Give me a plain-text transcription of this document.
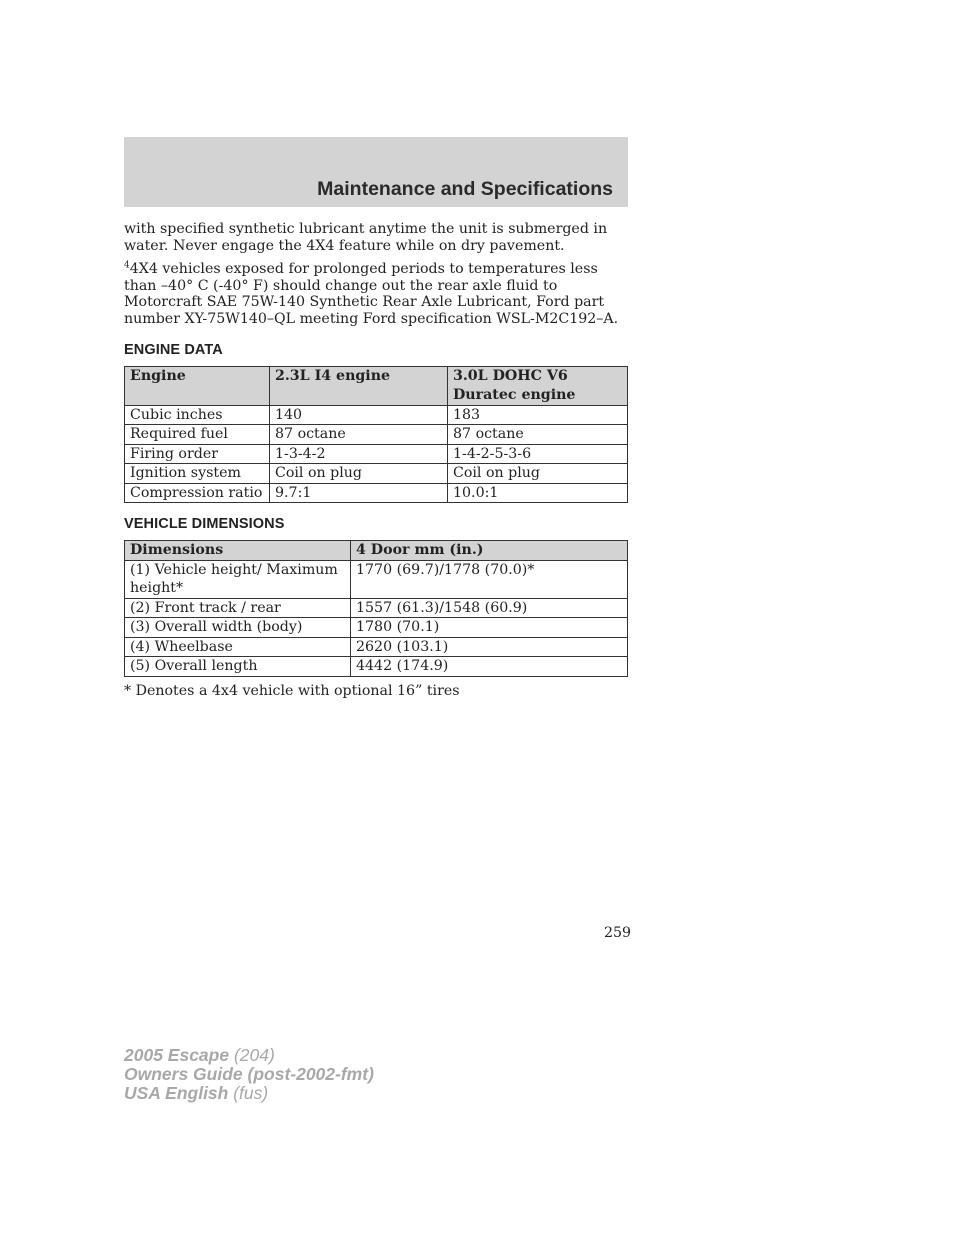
Maintenance and Specifications

with specified synthetic lubricant anytime the unit is submerged in water. Never engage the 4X4 feature while on dry pavement.

$^4$4X4 vehicles exposed for prolonged periods to temperatures less than –40° C (-40° F) should change out the rear axle fluid to Motorcraft SAE 75W-140 Synthetic Rear Axle Lubricant, Ford part number XY-75W140–QL meeting Ford specification WSL-M2C192–A.

ENGINE DATA
Engine	2.3L I4 engine	3.0L DOHC V6 Duratec engine
Cubic inches	140	183
Required fuel	87 octane	87 octane
Firing order	1-3-4-2	1-4-2-5-3-6
Ignition system	Coil on plug	Coil on plug
Compression ratio	9.7:1	10.0:1
VEHICLE DIMENSIONS
Dimensions	4 Door mm (in.)
(1) Vehicle height/ Maximum height*	1770 (69.7)/1778 (70.0)*
(2) Front track / rear	1557 (61.3)/1548 (60.9)
(3) Overall width (body)	1780 (70.1)
(4) Wheelbase	2620 (103.1)
(5) Overall length	4442 (174.9)

* Denotes a 4x4 vehicle with optional 16” tires

259
2005 Escape (204)
Owners Guide (post-2002-fmt)
USA English (fus)
